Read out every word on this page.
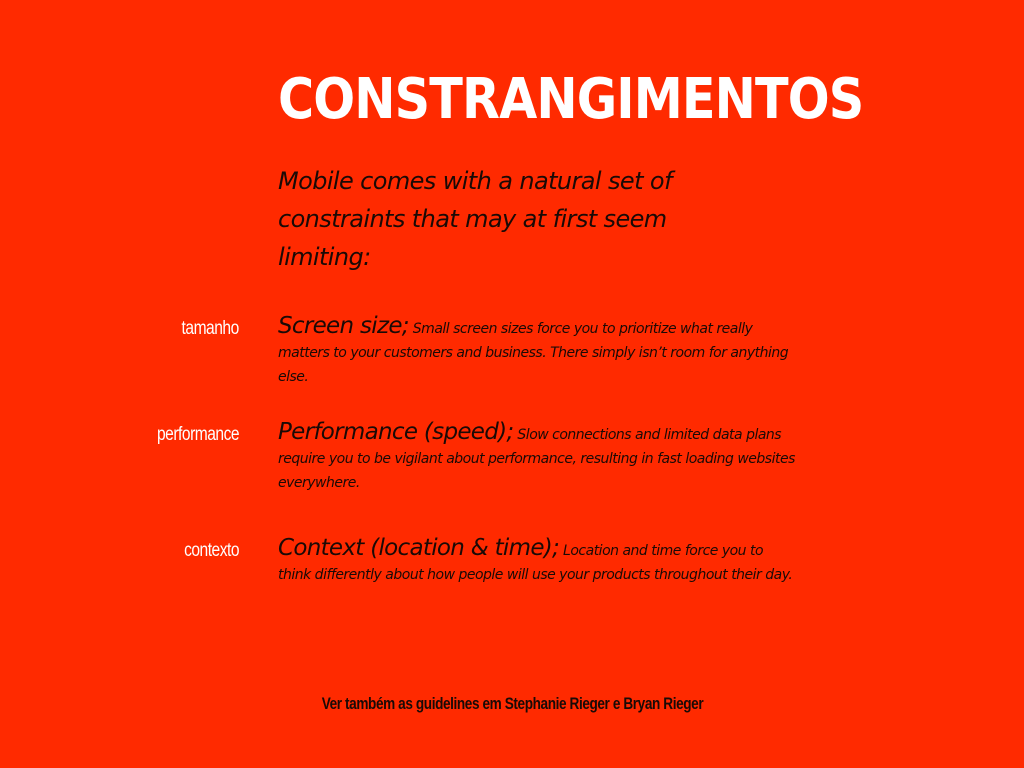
CONSTRANGIMENTOS

Mobile comes with a natural set of constraints that may at first seem limiting:

tamanho Screen size; Small screen sizes force you to prioritize what really matters to your customers and business. There simply isn’t room for anything else.

performance Performance (speed); Slow connections and limited data plans require you to be vigilant about performance, resulting in fast loading websites everywhere.

contexto Context (location & time); Location and time force you to think differently about how people will use your products throughout their day.

Ver também as guidelines em Stephanie Rieger e Bryan Rieger
